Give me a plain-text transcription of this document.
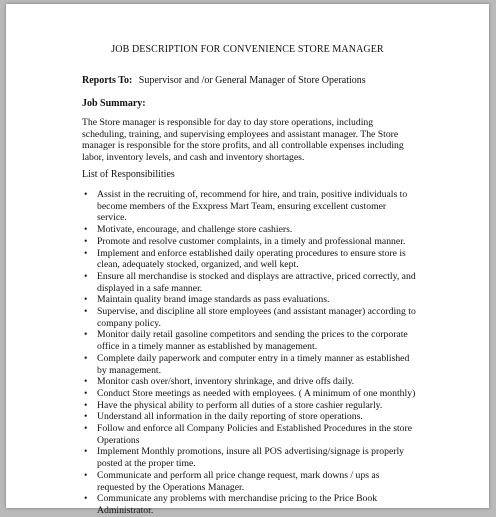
JOB DESCRIPTION FOR CONVENIENCE STORE MANAGER
Reports To: Supervisor and /or General Manager of Store Operations
Job Summary:
The Store manager is responsible for day to day store operations, including scheduling, training, and supervising employees and assistant manager. The Store manager is responsible for the store profits, and all controllable expenses including labor, inventory levels, and cash and inventory shortages.
List of Responsibilities
• Assist in the recruiting of, recommend for hire, and train, positive individuals to become members of the Exxpress Mart Team, ensuring excellent customer service.
• Motivate, encourage, and challenge store cashiers.
• Promote and resolve customer complaints, in a timely and professional manner.
• Implement and enforce established daily operating procedures to ensure store is clean, adequately stocked, organized, and well kept.
• Ensure all merchandise is stocked and displays are attractive, priced correctly, and displayed in a safe manner.
• Maintain quality brand image standards as pass evaluations.
• Supervise, and discipline all store employees (and assistant manager) according to company policy.
• Monitor daily retail gasoline competitors and sending the prices to the corporate office in a timely manner as established by management.
• Complete daily paperwork and computer entry in a timely manner as established by management.
• Monitor cash over/short, inventory shrinkage, and drive offs daily.
• Conduct Store meetings as needed with employees. ( A minimum of one monthly)
• Have the physical ability to perform all duties of a store cashier regularly.
• Understand all information in the daily reporting of store operations.
• Follow and enforce all Company Policies and Established Procedures in the store Operations
• Implement Monthly promotions, insure all POS advertising/signage is properly posted at the proper time.
• Communicate and perform all price change request, mark downs / ups as requested by the Operations Manager.
• Communicate any problems with merchandise pricing to the Price Book Administrator.
